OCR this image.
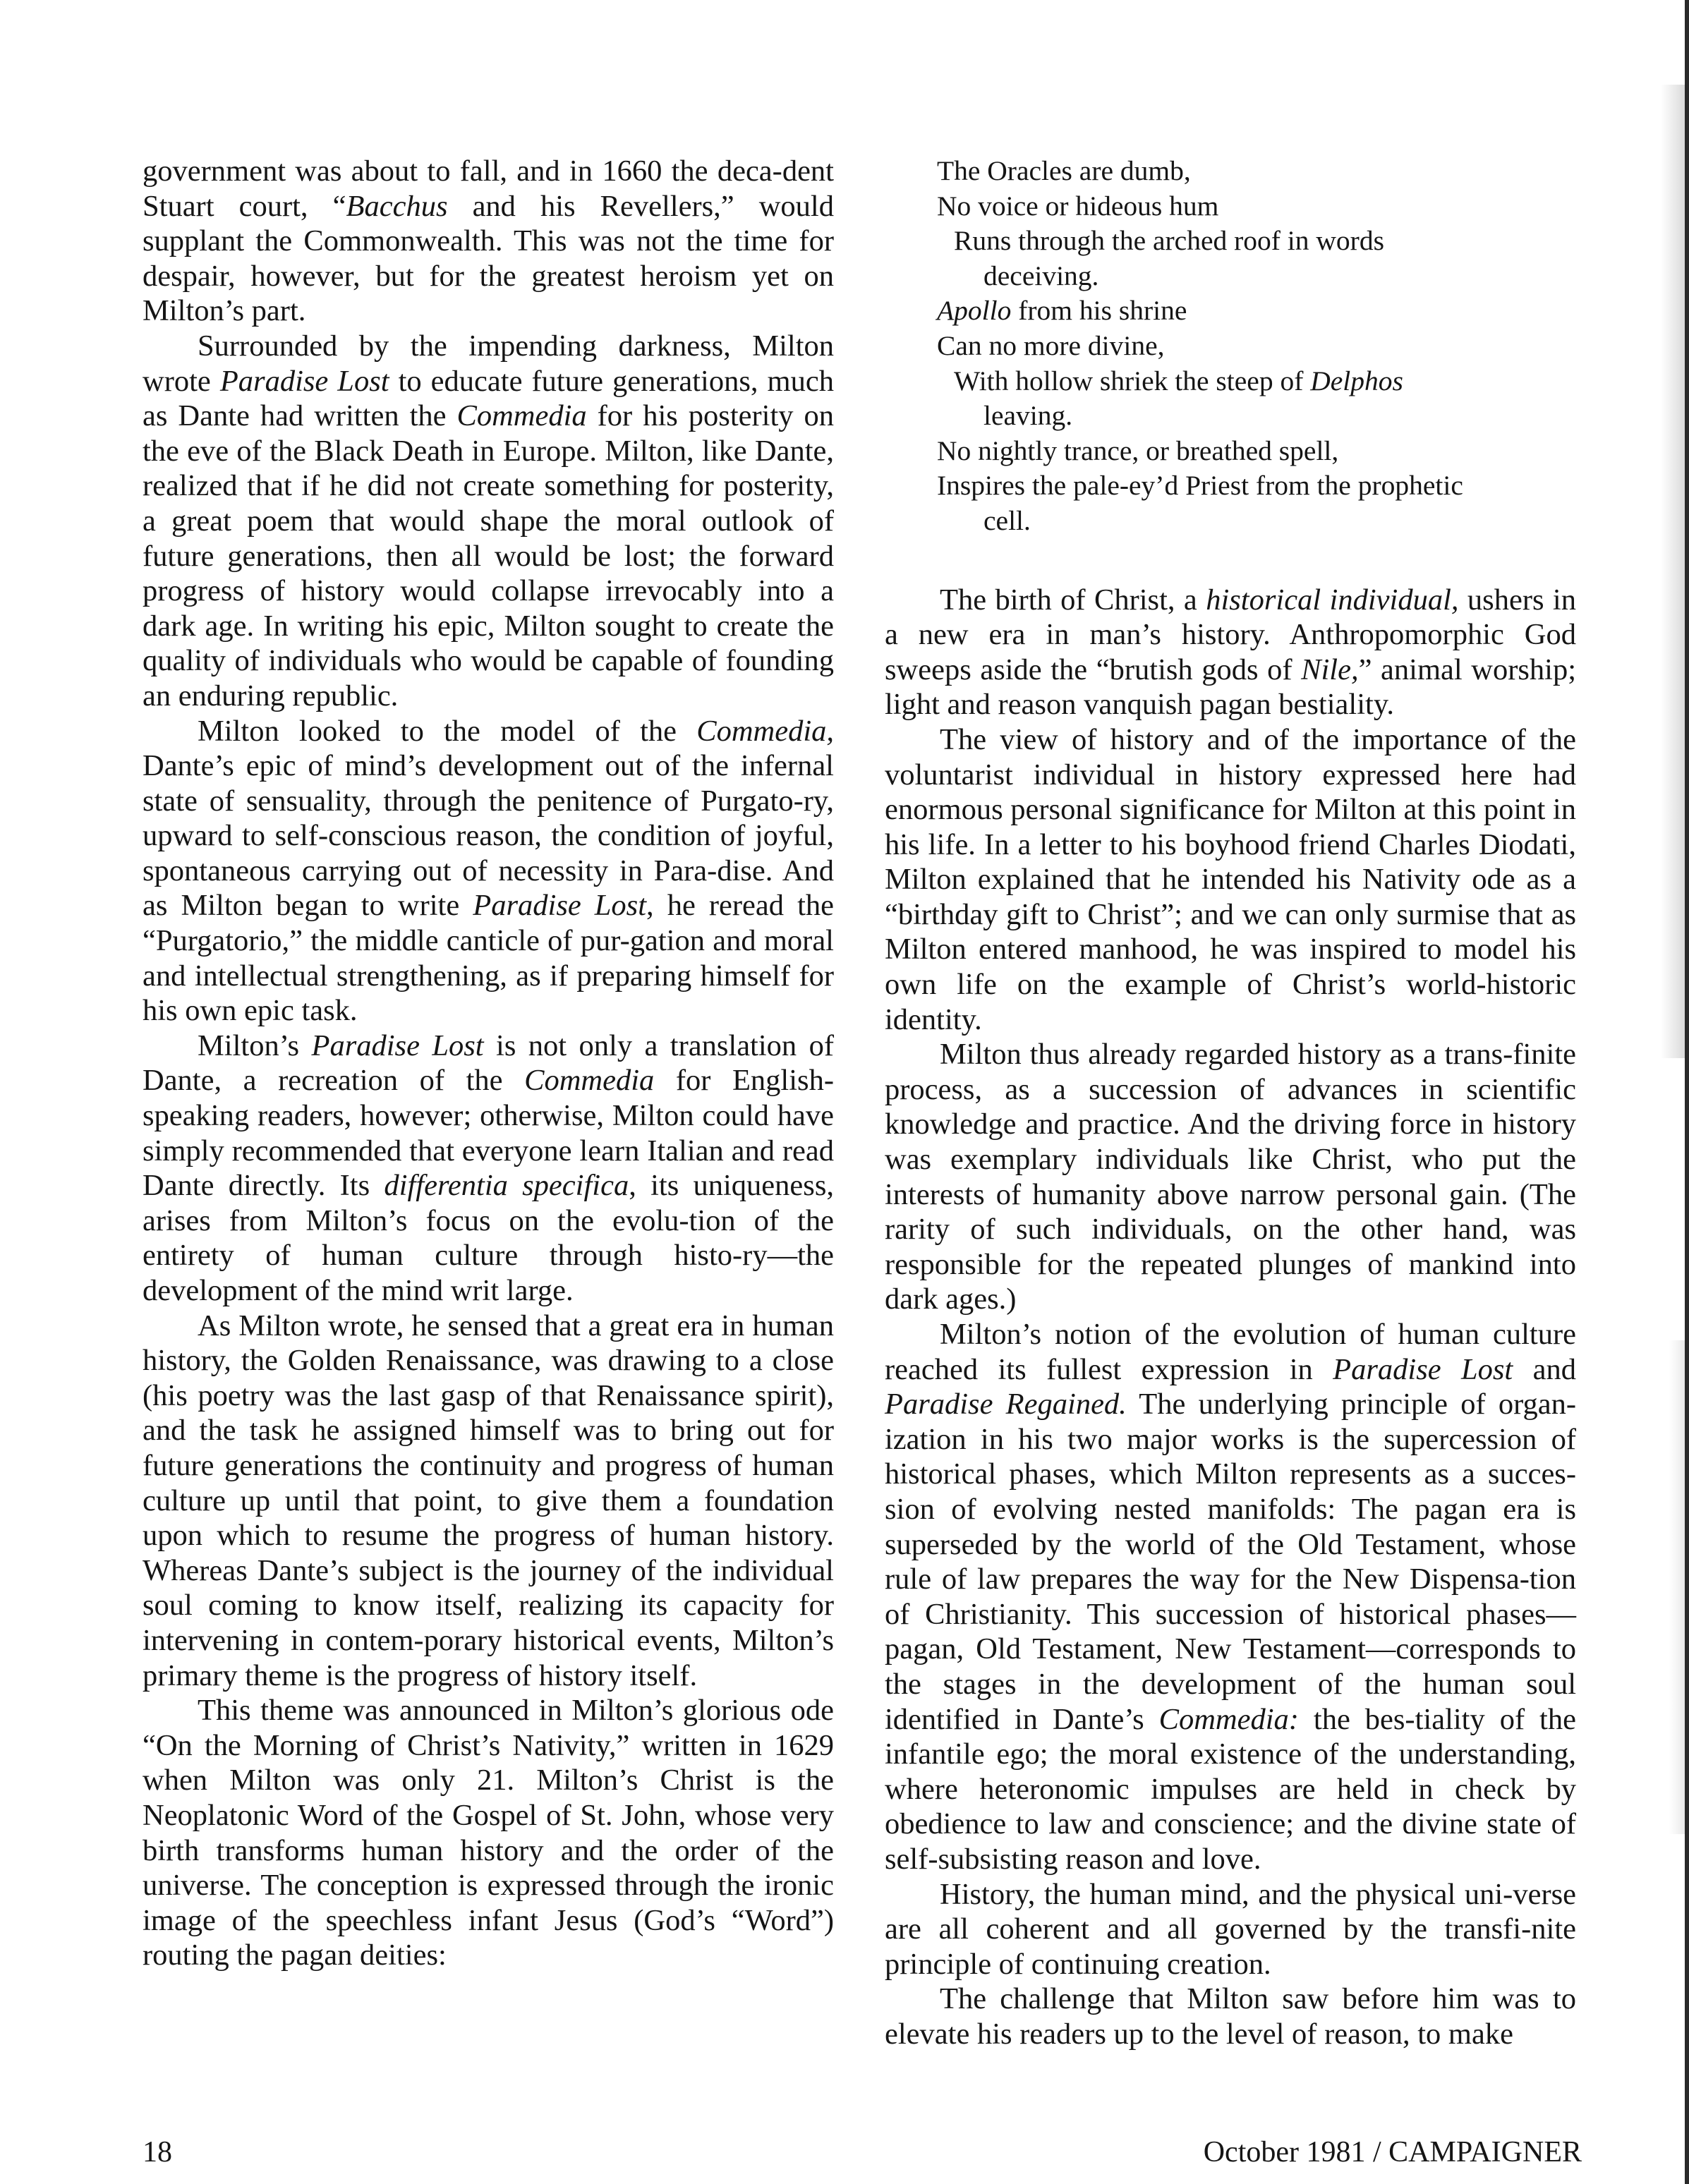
government was about to fall, and in 1660 the deca-dent Stuart court, “Bacchus and his Revellers,” would supplant the Commonwealth. This was not the time for despair, however, but for the greatest heroism yet on Milton’s part.

Surrounded by the impending darkness, Milton wrote Paradise Lost to educate future generations, much as Dante had written the Commedia for his posterity on the eve of the Black Death in Europe. Milton, like Dante, realized that if he did not create something for posterity, a great poem that would shape the moral outlook of future generations, then all would be lost; the forward progress of history would collapse irrevocably into a dark age. In writing his epic, Milton sought to create the quality of individuals who would be capable of founding an enduring republic.

Milton looked to the model of the Commedia, Dante’s epic of mind’s development out of the infernal state of sensuality, through the penitence of Purgato-ry, upward to self-conscious reason, the condition of joyful, spontaneous carrying out of necessity in Para-dise. And as Milton began to write Paradise Lost, he reread the “Purgatorio,” the middle canticle of pur-gation and moral and intellectual strengthening, as if preparing himself for his own epic task.

Milton’s Paradise Lost is not only a translation of Dante, a recreation of the Commedia for English-speaking readers, however; otherwise, Milton could have simply recommended that everyone learn Italian and read Dante directly. Its differentia specifica, its uniqueness, arises from Milton’s focus on the evolu-tion of the entirety of human culture through histo-ry—the development of the mind writ large.

As Milton wrote, he sensed that a great era in human history, the Golden Renaissance, was drawing to a close (his poetry was the last gasp of that Renaissance spirit), and the task he assigned himself was to bring out for future generations the continuity and progress of human culture up until that point, to give them a foundation upon which to resume the progress of human history. Whereas Dante’s subject is the journey of the individual soul coming to know itself, realizing its capacity for intervening in contem-porary historical events, Milton’s primary theme is the progress of history itself.

This theme was announced in Milton’s glorious ode “On the Morning of Christ’s Nativity,” written in 1629 when Milton was only 21. Milton’s Christ is the Neoplatonic Word of the Gospel of St. John, whose very birth transforms human history and the order of the universe. The conception is expressed through the ironic image of the speechless infant Jesus (God’s “Word”) routing the pagan deities:

The Oracles are dumb,
No voice or hideous hum
Runs through the arched roof in words
deceiving.
Apollo from his shrine
Can no more divine,
With hollow shriek the steep of Delphos
leaving.
No nightly trance, or breathed spell,
Inspires the pale-ey’d Priest from the prophetic
cell.

The birth of Christ, a historical individual, ushers in a new era in man’s history. Anthropomorphic God sweeps aside the “brutish gods of Nile,” animal worship; light and reason vanquish pagan bestiality.

The view of history and of the importance of the voluntarist individual in history expressed here had enormous personal significance for Milton at this point in his life. In a letter to his boyhood friend Charles Diodati, Milton explained that he intended his Nativity ode as a “birthday gift to Christ”; and we can only surmise that as Milton entered manhood, he was inspired to model his own life on the example of Christ’s world-historic identity.

Milton thus already regarded history as a trans-finite process, as a succession of advances in scientific knowledge and practice. And the driving force in history was exemplary individuals like Christ, who put the interests of humanity above narrow personal gain. (The rarity of such individuals, on the other hand, was responsible for the repeated plunges of mankind into dark ages.)

Milton’s notion of the evolution of human culture reached its fullest expression in Paradise Lost and Paradise Regained. The underlying principle of organ-ization in his two major works is the supercession of historical phases, which Milton represents as a succes-sion of evolving nested manifolds: The pagan era is superseded by the world of the Old Testament, whose rule of law prepares the way for the New Dispensa-tion of Christianity. This succession of historical phases—pagan, Old Testament, New Testament—corresponds to the stages in the development of the human soul identified in Dante’s Commedia: the bes-tiality of the infantile ego; the moral existence of the understanding, where heteronomic impulses are held in check by obedience to law and conscience; and the divine state of self-subsisting reason and love.

History, the human mind, and the physical uni-verse are all coherent and all governed by the transfi-nite principle of continuing creation.

The challenge that Milton saw before him was to elevate his readers up to the level of reason, to make

18	October 1981 / CAMPAIGNER
